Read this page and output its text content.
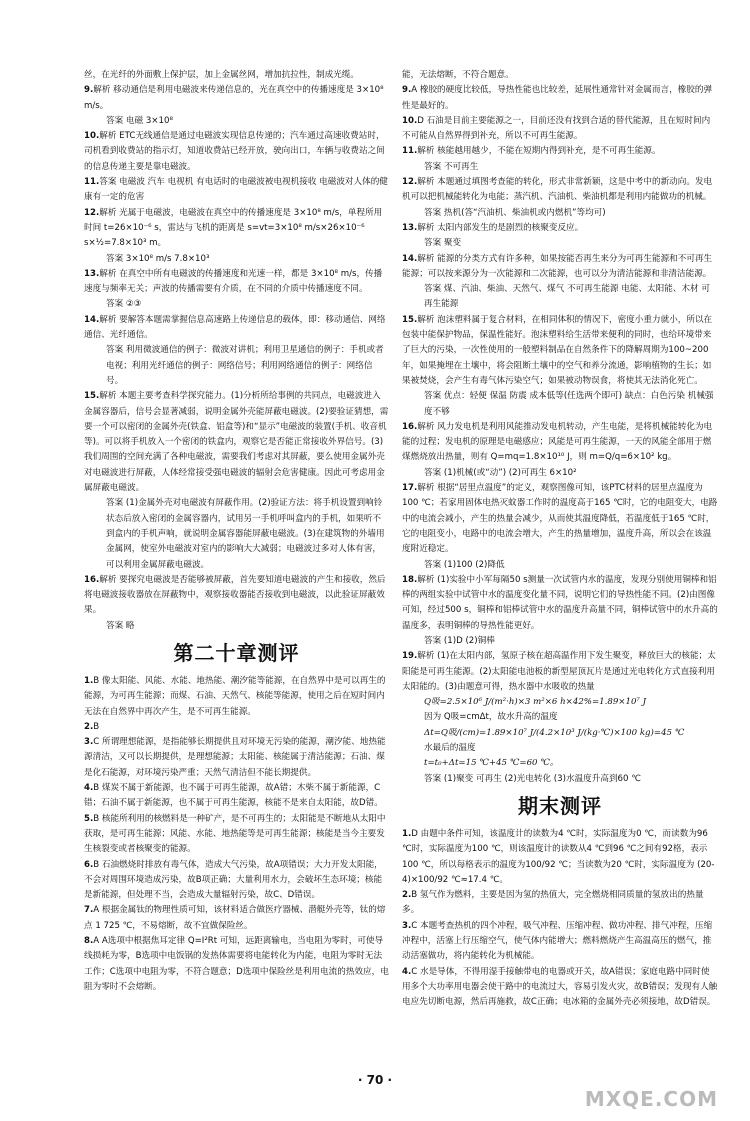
丝，在光纤的外面敷上保护层，加上金属丝网，增加抗拉性，制成光缆。

9.解析 移动通信是利用电磁波来传递信息的，光在真空中的传播速度是 3×10⁸ m/s。

答案 电磁 3×10⁸

10.解析 ETC无线通信是通过电磁波实现信息传递的；汽车通过高速收费站时，司机看到收费站的指示灯，知道收费站已经开放，驶向出口，车辆与收费站之间的信息传递主要是靠电磁波。

11.答案 电磁波 汽车 电视机 有电话时的电磁波被电视机接收 电磁波对人体的健康有一定的危害

12.解析 光属于电磁波，电磁波在真空中的传播速度是 3×10⁸ m/s，单程所用时间 t=26×10⁻⁶ s，雷达与飞机的距离是 s=vt=3×10⁸ m/s×26×10⁻⁶ s×½=7.8×10³ m。

答案 3×10⁸ m/s 7.8×10³

13.解析 在真空中所有电磁波的传播速度和光速一样，都是 3×10⁸ m/s，传播速度与频率无关；声波的传播需要有介质，在不同的介质中传播速度不同。

答案 ②③

14.解析 要解答本题需掌握信息高速路上传递信息的载体，即：移动通信、网络通信、光纤通信。

答案 利用微波通信的例子：微波对讲机；利用卫星通信的例子：手机或者电视；利用光纤通信的例子：网络信号；利用网络通信的例子：网络信号。

15.解析 本题主要考查科学探究能力。(1)分析所给事例的共同点，电磁波进入金属容器后，信号会显著减弱，说明金属外壳能屏蔽电磁波。(2)要验证猜想，需要一个可以密闭的金属外壳(铁盒、铝盒等)和“显示”电磁波的装置(手机、收音机等)。可以将手机放入一个密闭的铁盒内，观察它是否能正常接收外界信号。(3)我们周围的空间充满了各种电磁波，需要我们考虑对其屏蔽，要么使用金属外壳对电磁波进行屏蔽，人体经常接受强电磁波的辐射会危害健康。因此可考虑用金属屏蔽电磁波。

答案 (1)金属外壳对电磁波有屏蔽作用。(2)验证方法：将手机设置到响铃状态后放入密闭的金属容器内，试用另一手机呼叫盒内的手机，如果听不到盒内的手机声响，就说明金属容器能屏蔽电磁波。(3)在建筑物的外墙用金属网，使室外电磁波对室内的影响大大减弱；电磁波过多对人体有害，可以利用金属屏蔽电磁波。

16.解析 要探究电磁波是否能够被屏蔽，首先要知道电磁波的产生和接收，然后将电磁波接收器放在屏蔽物中，观察接收器能否接收到电磁波，以此验证屏蔽效果。

答案 略

第二十章测评

1.B 像太阳能、风能、水能、地热能、潮汐能等能源，在自然界中是可以再生的能源，为可再生能源；而煤、石油、天然气、核能等能源，使用之后在短时间内无法在自然界中再次产生，是不可再生能源。

2.B

3.C 所谓理想能源，是指能够长期提供且对环境无污染的能源，潮汐能、地热能源清洁，又可以长期提供，是理想能源；太阳能、核能属于清洁能源；石油、煤是化石能源，对环境污染严重；天然气清洁但不能长期提供。

4.B 煤炭不属于新能源，也不属于可再生能源，故A错；木柴不属于新能源，C错；石油不属于新能源，也不属于可再生能源，核能不是来自太阳能，故D错。

5.B 核能所利用的核燃料是一种矿产，是不可再生的；太阳能是不断地从太阳中获取，是可再生能源；风能、水能、地热能等是可再生能源；核能是当今主要发生核裂变或者核聚变的能源。

6.B 石油燃烧时排放有毒气体，造成大气污染，故A项错误；大力开发太阳能，不会对周围环境造成污染，故B项正确；大量利用水力，会破坏生态环境；核能是新能源，但处理不当，会造成大量辐射污染，故C、D错误。

7.A 根据金属钛的物理性质可知，该材料适合做医疗器械、潜艇外壳等，钛的熔点 1 725 ℃，不易熔断，故不宜做保险丝。

8.A A选项中根据焦耳定律 Q=I²Rt 可知，远距离输电，当电阻为零时，可使导线损耗为零，B选项中电饭锅的发热体需要将电能转化为内能，电阻为零时无法工作；C选项中电阻为零，不符合题意；D选项中保险丝是利用电流的热效应，电阻为零时不会熔断。

能，无法熔断，不符合题意。

9.A 橡胶的硬度比较低，导热性能也比较差，延展性通常针对金属而言，橡胶的弹性是最好的。

10.D 石油是目前主要能源之一，目前还没有找到合适的替代能源，且在短时间内不可能从自然界得到补充，所以不可再生能源。

11.解析 核能越用越少，不能在短期内得到补充，是不可再生能源。

答案 不可再生

12.解析 本题通过填图考查能的转化，形式非常新颖，这是中考中的新动向。发电机可以把机械能转化为电能；蒸汽机、汽油机、柴油机都是利用内能做功的机械。

答案 热机(答“汽油机、柴油机或内燃机”等均可)

13.解析 太阳内部发生的是剧烈的核聚变反应。

答案 聚变

14.解析 能源的分类方式有许多种，如果按能否再生来分为可再生能源和不可再生能源；可以按来源分为一次能源和二次能源，也可以分为清洁能源和非清洁能源。

答案 煤、汽油、柴油、天然气、煤气 不可再生能源 电能、太阳能、木材 可再生能源

15.解析 泡沫塑料属于复合材料，在相同体积的情况下，密度小重力就小，所以在包装中能保护物品，保温性能好。泡沫塑料给生活带来便利的同时，也给环境带来了巨大的污染，一次性使用的一般塑料制品在自然条件下的降解周期为100~200年，如果掩埋在土壤中，将会阻断土壤中的空气和养分流通，影响植物的生长；如果被焚烧，会产生有毒气体污染空气；如果被动物误食，将使其无法消化死亡。

答案 优点：轻便 保温 防震 成本低等(任选两个即可) 缺点：白色污染 机械强度不够

16.解析 风力发电机是利用风能推动发电机转动，产生电能，是将机械能转化为电能的过程；发电机的原理是电磁感应；风能是可再生能源，一天的风能全部用于燃煤燃烧放出热量，则有 Q=mq=1.8×10¹⁰ J，则 m=Q/q=6×10² kg。

答案 (1)机械(或“动”) (2)可再生 6×10²

17.解析 根据“居里点温度”的定义，观察图像可知，该PTC材料的居里点温度为100 ℃；若家用固体电热灭蚊器工作时的温度高于165 ℃时，它的电阻变大，电路中的电流会减小，产生的热量会减少，从而使其温度降低，若温度低于165 ℃时，它的电阻变小，电路中的电流会增大，产生的热量增加，温度升高，所以会在该温度附近稳定。

答案 (1)100 (2)降低

18.解析 (1)实验中小军每隔50 s测量一次试管内水的温度，发现分别使用铜棒和铝棒的两组实验中试管中水的温度变化量不同，说明它们的导热性能不同。(2)由图像可知，经过500 s，铜棒和铝棒试管中水的温度升高量不同，铜棒试管中的水升高的温度多，表明铜棒的导热性能更好。

答案 (1)D (2)铜棒

19.解析 (1)在太阳内部，氢原子核在超高温作用下发生聚变，释放巨大的核能；太阳能是可再生能源。(2)太阳能电池板的新型屋顶瓦片是通过光电转化方式直接利用太阳能的。(3)由题意可得，热水器中水吸收的热量

Q吸=2.5×10⁶ J/(m²·h)×3 m²×6 h×42%=1.89×10⁷ J

因为 Q吸=cmΔt，故水升高的温度

Δt=Q吸/(cm)=1.89×10⁷ J/(4.2×10³ J/(kg·℃)×100 kg)=45 ℃

水最后的温度

t=t₀+Δt=15 ℃+45 ℃=60 ℃。

答案 (1)聚变 可再生 (2)光电转化 (3)水温度升高到60 ℃

期末测评

1.D 由题中条件可知，该温度计的读数为4 ℃时，实际温度为0 ℃，而读数为96 ℃时，实际温度为100 ℃，则该温度计的读数从4 ℃到96 ℃之间有92格，表示100 ℃，所以每格表示的温度为100/92 ℃；当读数为20 ℃时，实际温度为 (20-4)×100/92 ℃≈17.4 ℃。

2.B 氢气作为燃料，主要是因为氢的热值大，完全燃烧相同质量的氢放出的热量多。

3.C 本题考查热机的四个冲程，吸气冲程、压缩冲程、做功冲程、排气冲程，压缩冲程中，活塞上行压缩空气，使气体内能增大；燃料燃烧产生高温高压的燃气，推动活塞做功，将内能转化为机械能。

4.C 水是导体，不得用湿手接触带电的电器或开关，故A错误；家庭电路中同时使用多个大功率用电器会使干路中的电流过大，容易引发火灾，故B错误；发现有人触电应先切断电源，然后再施救，故C正确；电冰箱的金属外壳必须接地，故D错误。

· 70 ·
MXQE.COM
